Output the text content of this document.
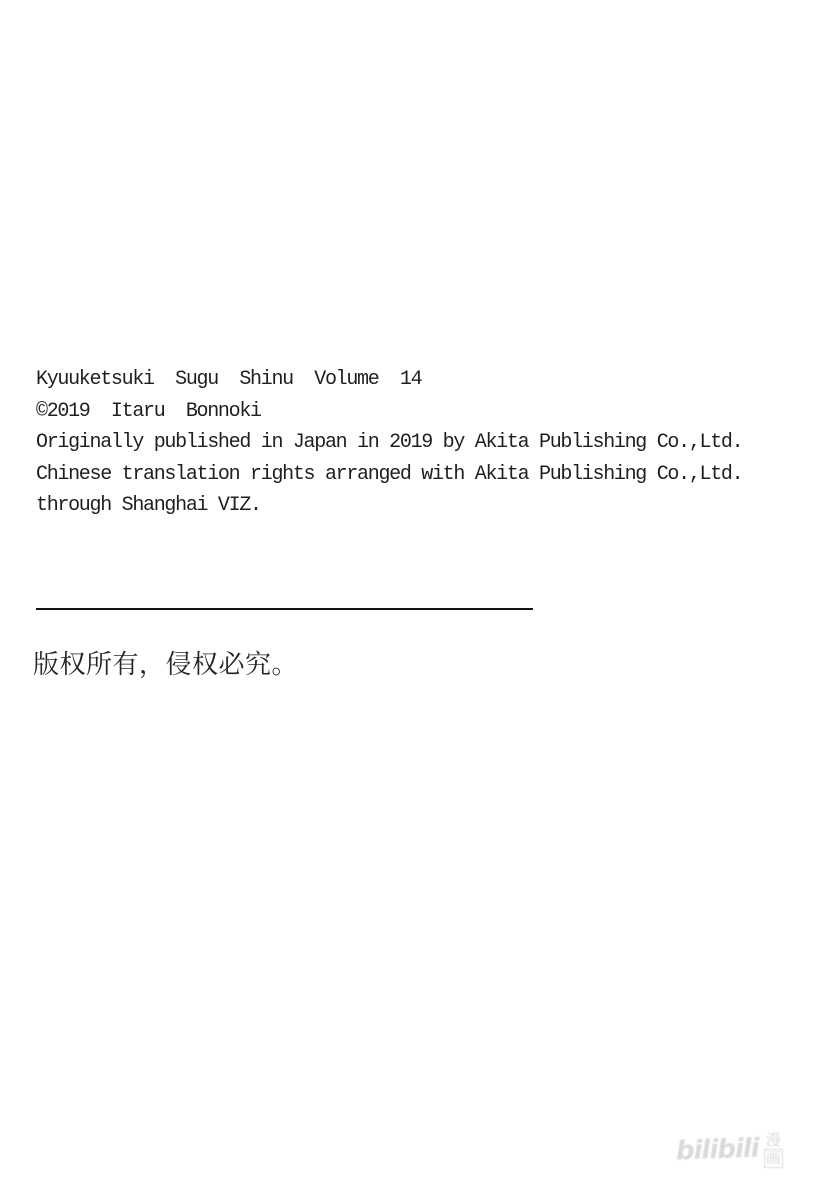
Kyuuketsuki  Sugu  Shinu  Volume  14
©2019  Itaru  Bonnoki
Originally published in Japan in 2019 by Akita Publishing Co.,Ltd.
Chinese translation rights arranged with Akita Publishing Co.,Ltd.
through Shanghai VIZ.
版权所有，侵权必究。
bilibili 漫
画
